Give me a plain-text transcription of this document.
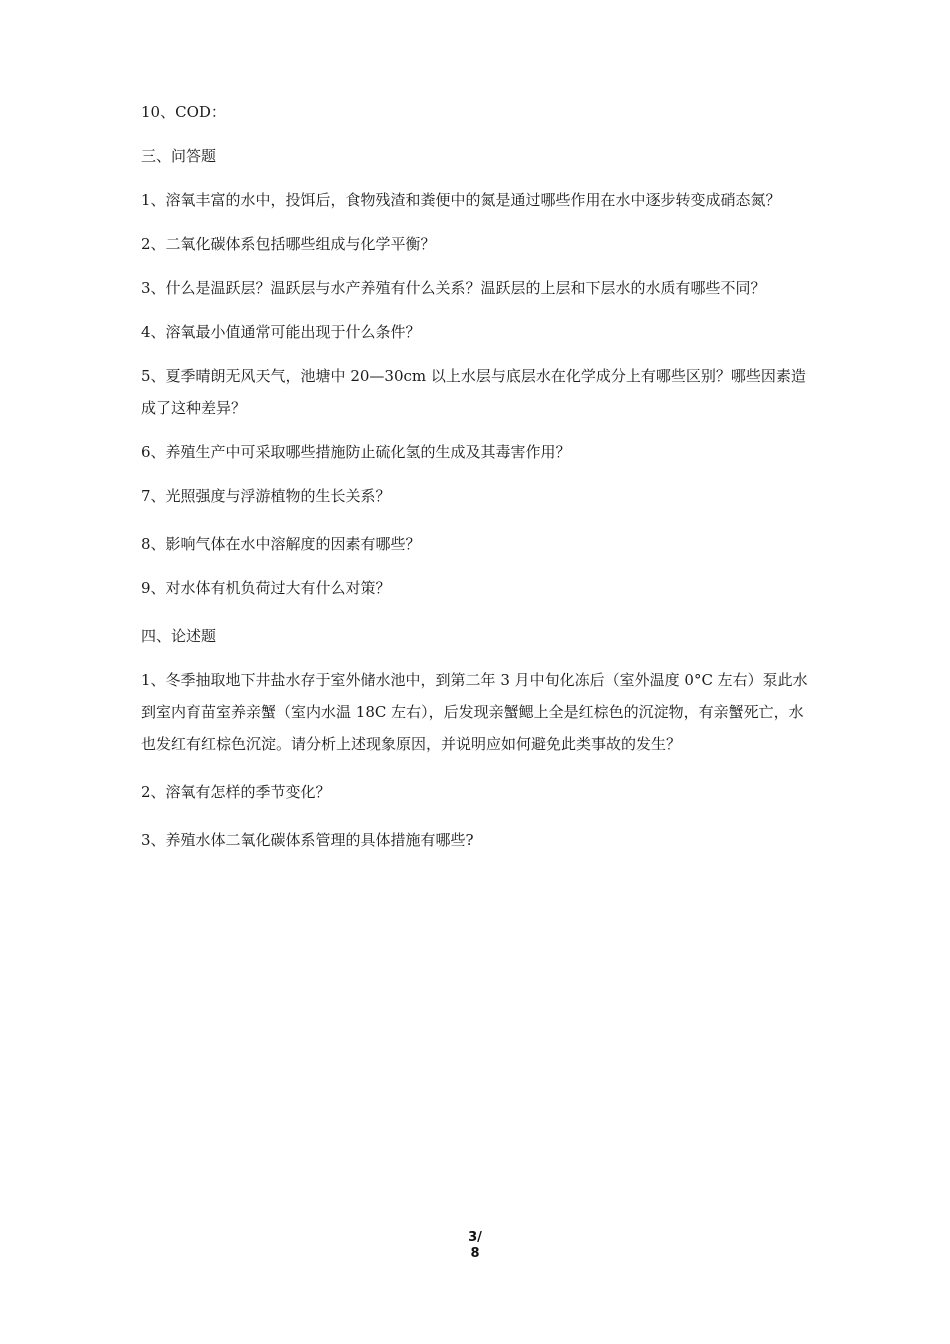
10、COD：

三、问答题

1、溶氧丰富的水中，投饵后，食物残渣和粪便中的氮是通过哪些作用在水中逐步转变成硝态氮？

2、二氧化碳体系包括哪些组成与化学平衡？

3、什么是温跃层？温跃层与水产养殖有什么关系？温跃层的上层和下层水的水质有哪些不同？

4、溶氧最小值通常可能出现于什么条件？

5、夏季晴朗无风天气，池塘中 20—30cm 以上水层与底层水在化学成分上有哪些区别？哪些因素造成了这种差异？

6、养殖生产中可采取哪些措施防止硫化氢的生成及其毒害作用？

7、光照强度与浮游植物的生长关系？

8、影响气体在水中溶解度的因素有哪些？

9、对水体有机负荷过大有什么对策？

四、论述题

1、冬季抽取地下井盐水存于室外储水池中，到第二年 3 月中旬化冻后（室外温度 0°C 左右）泵此水到室内育苗室养亲蟹（室内水温 18C 左右），后发现亲蟹鳃上全是红棕色的沉淀物，有亲蟹死亡，水也发红有红棕色沉淀。请分析上述现象原因，并说明应如何避免此类事故的发生？

2、溶氧有怎样的季节变化？

3、养殖水体二氧化碳体系管理的具体措施有哪些?

3/
8
